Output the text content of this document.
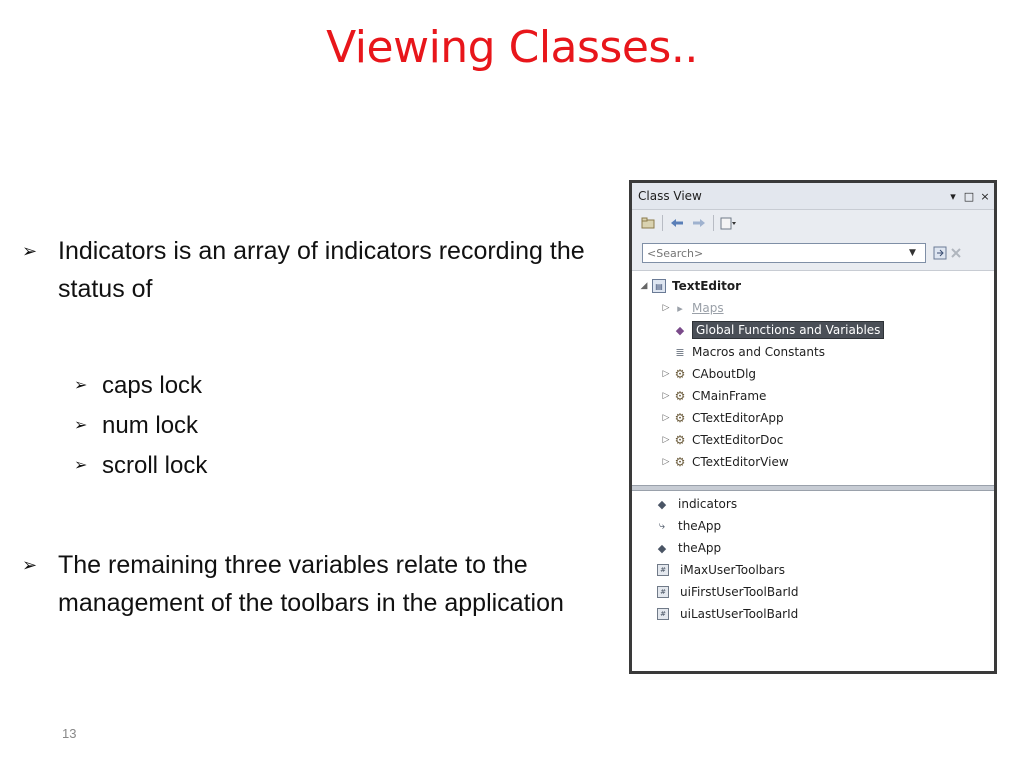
Viewing Classes..
➢ Indicators is an array of indicators recording the status of
➢ caps lock
➢ num lock
➢ scroll lock
➢ The remaining three variables relate to the management of the toolbars in the application
13
Class View	▾ □ ×
<Search>
▼
◢ ▤ TextEditor
▷ ▸ Maps
◆ Global Functions and Variables
≣ Macros and Constants
▷ ⚙ CAboutDlg
▷ ⚙ CMainFrame
▷ ⚙ CTextEditorApp
▷ ⚙ CTextEditorDoc
▷ ⚙ CTextEditorView
◆ indicators
⤷	theApp
◆ theApp
# iMaxUserToolbars
# uiFirstUserToolBarId
# uiLastUserToolBarId
